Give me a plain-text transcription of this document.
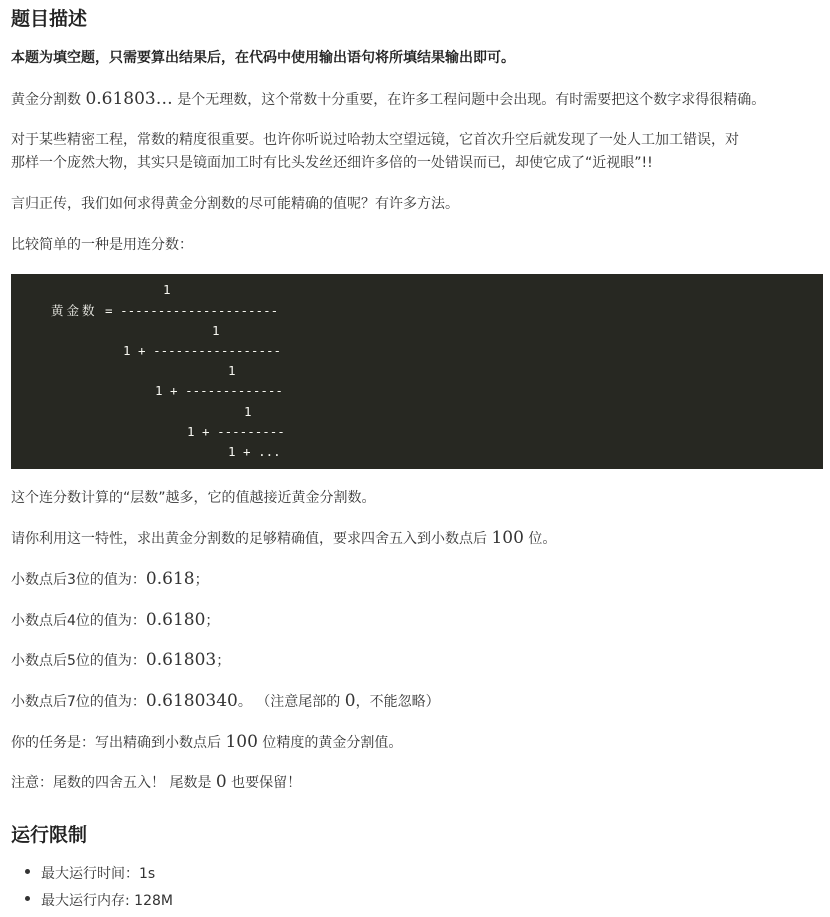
题目描述
本题为填空题，只需要算出结果后，在代码中使用输出语句将所填结果输出即可。
黄金分割数 0.61803… 是个无理数，这个常数十分重要，在许多工程问题中会出现。有时需要把这个数字求得很精确。
对于某些精密工程，常数的精度很重要。也许你听说过哈勃太空望远镜，它首次升空后就发现了一处人工加工错误，对
那样一个庞然大物，其实只是镜面加工时有比头发丝还细许多倍的一处错误而已，却使它成了“近视眼”!!
言归正传，我们如何求得黄金分割数的尽可能精确的值呢？有许多方法。
比较简单的一种是用连分数：
1
黄金数 = ---------------------
1
1 + -----------------
1
1 + -------------
1
1 + ---------
1 + ...
这个连分数计算的“层数”越多，它的值越接近黄金分割数。
请你利用这一特性，求出黄金分割数的足够精确值，要求四舍五入到小数点后 100 位。
小数点后3位的值为：0.618；
小数点后4位的值为：0.6180；
小数点后5位的值为：0.61803；
小数点后7位的值为：0.6180340。 （注意尾部的 0，不能忽略）
你的任务是：写出精确到小数点后 100 位精度的黄金分割值。
注意：尾数的四舍五入！ 尾数是 0 也要保留！
运行限制
最大运行时间：1s
最大运行内存: 128M
